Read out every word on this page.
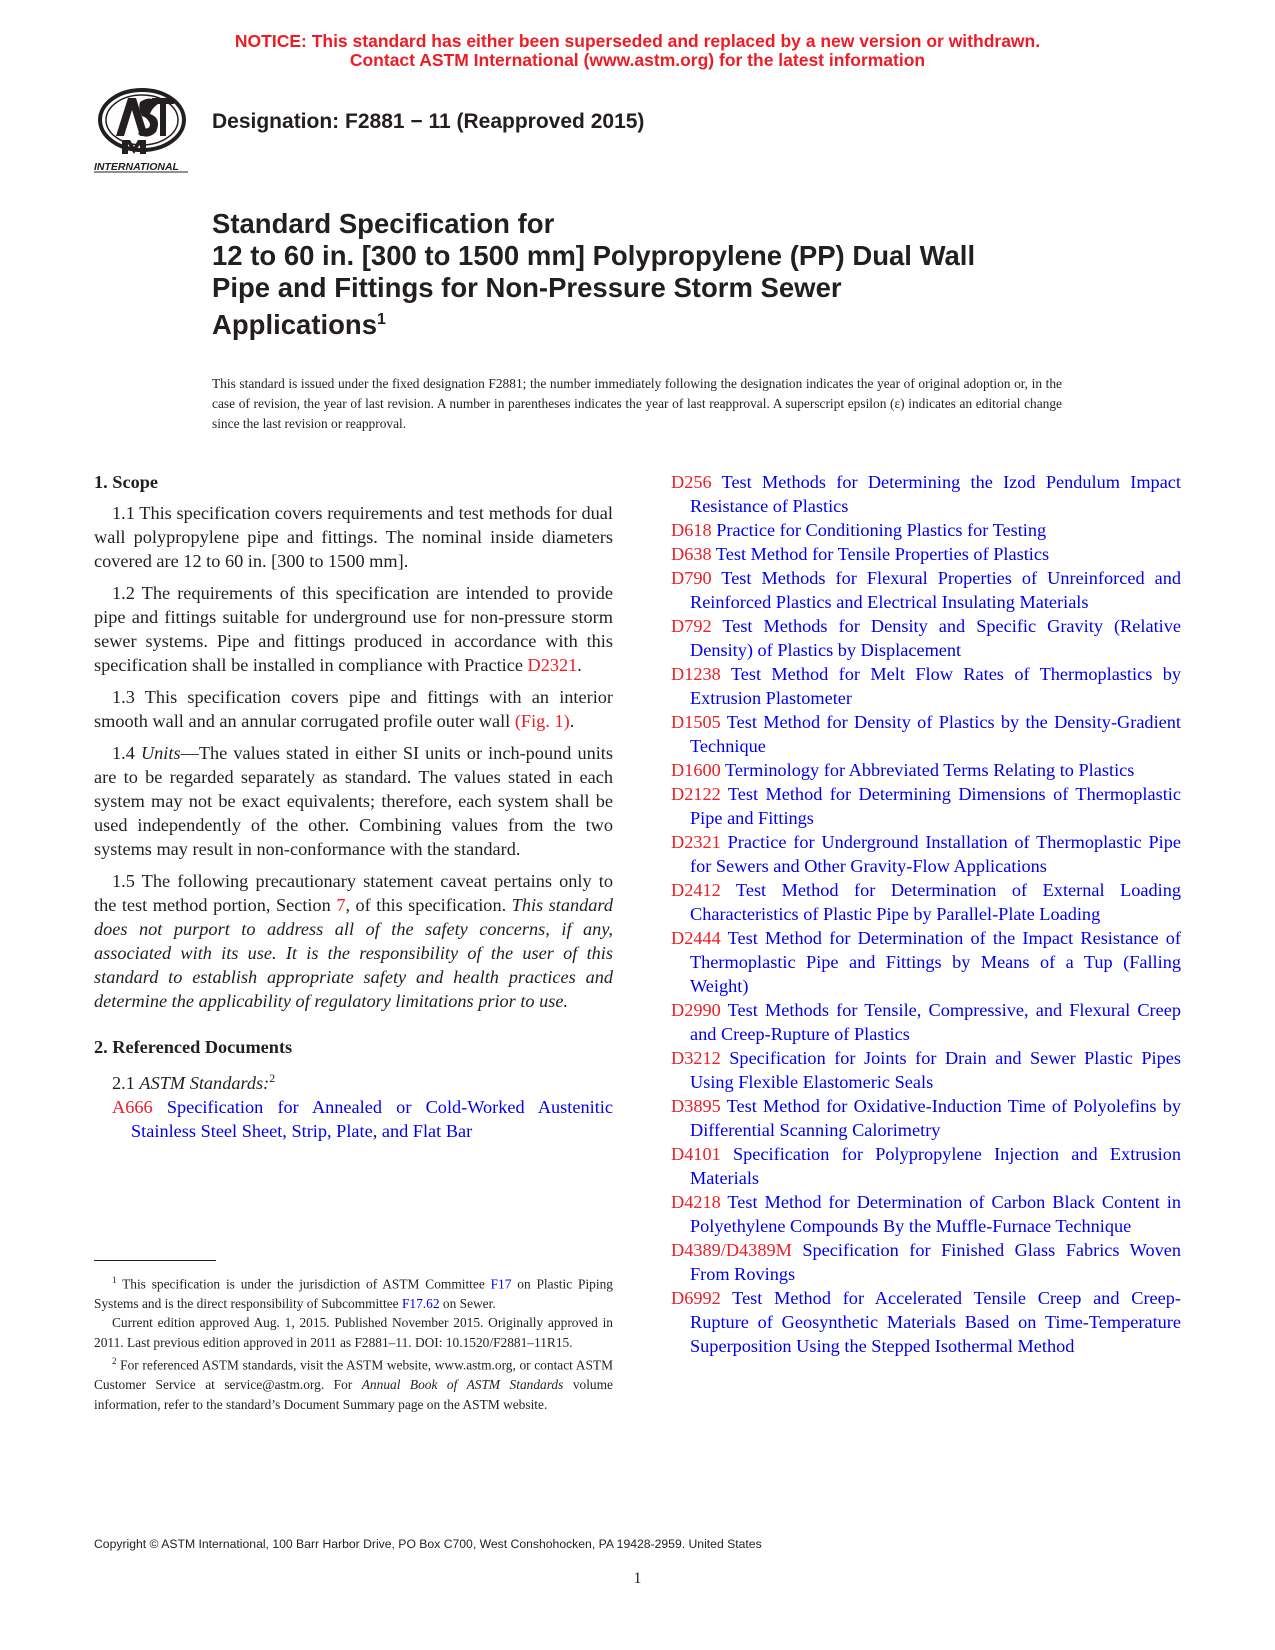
NOTICE: This standard has either been superseded and replaced by a new version or withdrawn.
Contact ASTM International (www.astm.org) for the latest information
INTERNATIONAL
Designation: F2881 − 11 (Reapproved 2015)
Standard Specification for
12 to 60 in. [300 to 1500 mm] Polypropylene (PP) Dual Wall
Pipe and Fittings for Non-Pressure Storm Sewer
Applications$^1$
This standard is issued under the fixed designation F2881; the number immediately following the designation indicates the year of original adoption or, in the case of revision, the year of last revision. A number in parentheses indicates the year of last reapproval. A superscript epsilon (ε) indicates an editorial change since the last revision or reapproval.
1. Scope
1.1 This specification covers requirements and test methods for dual wall polypropylene pipe and fittings. The nominal inside diameters covered are 12 to 60 in. [300 to 1500 mm].
1.2 The requirements of this specification are intended to provide pipe and fittings suitable for underground use for non-pressure storm sewer systems. Pipe and fittings produced in accordance with this specification shall be installed in compliance with Practice D2321.
1.3 This specification covers pipe and fittings with an interior smooth wall and an annular corrugated profile outer wall (Fig. 1).
1.4 Units—The values stated in either SI units or inch-pound units are to be regarded separately as standard. The values stated in each system may not be exact equivalents; therefore, each system shall be used independently of the other. Combining values from the two systems may result in non-conformance with the standard.
1.5 The following precautionary statement caveat pertains only to the test method portion, Section 7, of this specification. This standard does not purport to address all of the safety concerns, if any, associated with its use. It is the responsibility of the user of this standard to establish appropriate safety and health practices and determine the applicability of regulatory limitations prior to use.
2. Referenced Documents
2.1 ASTM Standards:$^2$
A666 Specification for Annealed or Cold-Worked Austenitic Stainless Steel Sheet, Strip, Plate, and Flat Bar
D256 Test Methods for Determining the Izod Pendulum Impact Resistance of Plastics
D618 Practice for Conditioning Plastics for Testing
D638 Test Method for Tensile Properties of Plastics
D790 Test Methods for Flexural Properties of Unreinforced and Reinforced Plastics and Electrical Insulating Materials
D792 Test Methods for Density and Specific Gravity (Relative Density) of Plastics by Displacement
D1238 Test Method for Melt Flow Rates of Thermoplastics by Extrusion Plastometer
D1505 Test Method for Density of Plastics by the Density-Gradient Technique
D1600 Terminology for Abbreviated Terms Relating to Plastics
D2122 Test Method for Determining Dimensions of Thermoplastic Pipe and Fittings
D2321 Practice for Underground Installation of Thermoplastic Pipe for Sewers and Other Gravity-Flow Applications
D2412 Test Method for Determination of External Loading Characteristics of Plastic Pipe by Parallel-Plate Loading
D2444 Test Method for Determination of the Impact Resistance of Thermoplastic Pipe and Fittings by Means of a Tup (Falling Weight)
D2990 Test Methods for Tensile, Compressive, and Flexural Creep and Creep-Rupture of Plastics
D3212 Specification for Joints for Drain and Sewer Plastic Pipes Using Flexible Elastomeric Seals
D3895 Test Method for Oxidative-Induction Time of Polyolefins by Differential Scanning Calorimetry
D4101 Specification for Polypropylene Injection and Extrusion Materials
D4218 Test Method for Determination of Carbon Black Content in Polyethylene Compounds By the Muffle-Furnace Technique
D4389/D4389M Specification for Finished Glass Fabrics Woven From Rovings
D6992 Test Method for Accelerated Tensile Creep and Creep-Rupture of Geosynthetic Materials Based on Time-Temperature Superposition Using the Stepped Isothermal Method
$^1$ This specification is under the jurisdiction of ASTM Committee F17 on Plastic Piping Systems and is the direct responsibility of Subcommittee F17.62 on Sewer.
Current edition approved Aug. 1, 2015. Published November 2015. Originally approved in 2011. Last previous edition approved in 2011 as F2881–11. DOI: 10.1520/F2881–11R15.
$^2$ For referenced ASTM standards, visit the ASTM website, www.astm.org, or contact ASTM Customer Service at service@astm.org. For Annual Book of ASTM Standards volume information, refer to the standard’s Document Summary page on the ASTM website.
Copyright © ASTM International, 100 Barr Harbor Drive, PO Box C700, West Conshohocken, PA 19428-2959. United States
1
